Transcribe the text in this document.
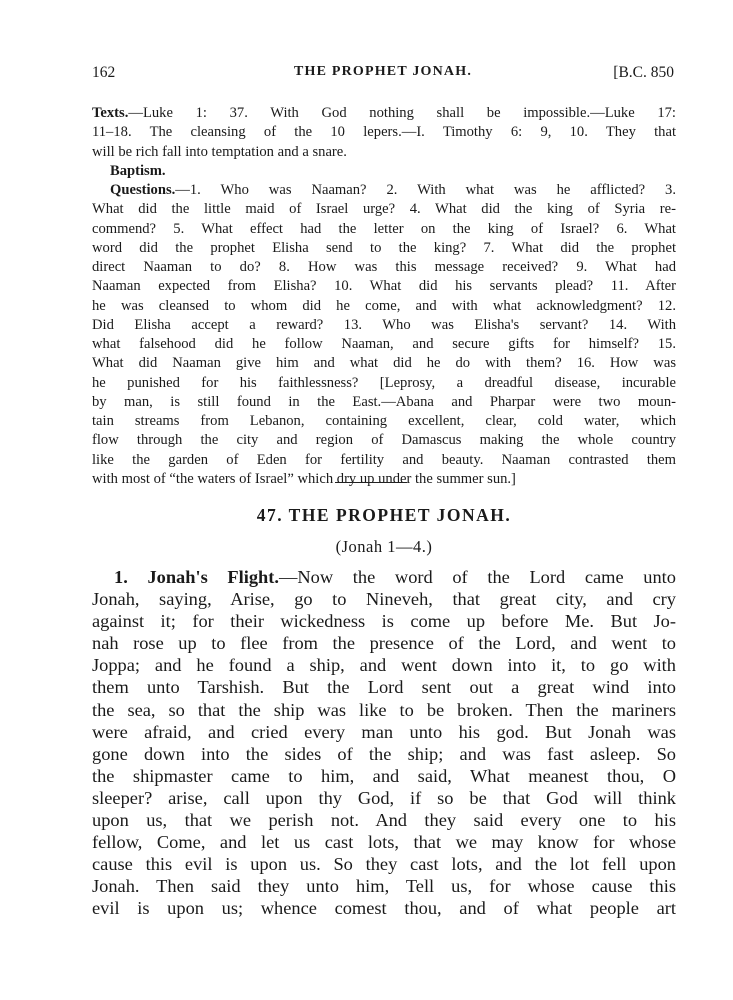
162	THE PROPHET JONAH.	[B.C. 850
Texts.—Luke 1: 37. With God nothing shall be impossible.—Luke 17:
11–18. The cleansing of the 10 lepers.—I. Timothy 6: 9, 10. They that
will be rich fall into temptation and a snare.
Baptism.
Questions.—1. Who was Naaman? 2. With what was he afflicted? 3.
What did the little maid of Israel urge? 4. What did the king of Syria re-
commend? 5. What effect had the letter on the king of Israel? 6. What
word did the prophet Elisha send to the king? 7. What did the prophet
direct Naaman to do? 8. How was this message received? 9. What had
Naaman expected from Elisha? 10. What did his servants plead? 11. After
he was cleansed to whom did he come, and with what acknowledgment? 12.
Did Elisha accept a reward? 13. Who was Elisha's servant? 14. With
what falsehood did he follow Naaman, and secure gifts for himself? 15.
What did Naaman give him and what did he do with them? 16. How was
he punished for his faithlessness? [Leprosy, a dreadful disease, incurable
by man, is still found in the East.—Abana and Pharpar were two moun-
tain streams from Lebanon, containing excellent, clear, cold water, which
flow through the city and region of Damascus making the whole country
like the garden of Eden for fertility and beauty. Naaman contrasted them
with most of “the waters of Israel” which dry up under the summer sun.]
47. THE PROPHET JONAH.
(Jonah 1—4.)
1. Jonah's Flight.—Now the word of the Lord came unto
Jonah, saying, Arise, go to Nineveh, that great city, and cry
against it; for their wickedness is come up before Me. But Jo-
nah rose up to flee from the presence of the Lord, and went to
Joppa; and he found a ship, and went down into it, to go with
them unto Tarshish. But the Lord sent out a great wind into
the sea, so that the ship was like to be broken. Then the mariners
were afraid, and cried every man unto his god. But Jonah was
gone down into the sides of the ship; and was fast asleep. So
the shipmaster came to him, and said, What meanest thou, O
sleeper? arise, call upon thy God, if so be that God will think
upon us, that we perish not. And they said every one to his
fellow, Come, and let us cast lots, that we may know for whose
cause this evil is upon us. So they cast lots, and the lot fell upon
Jonah. Then said they unto him, Tell us, for whose cause this
evil is upon us; whence comest thou, and of what people art
